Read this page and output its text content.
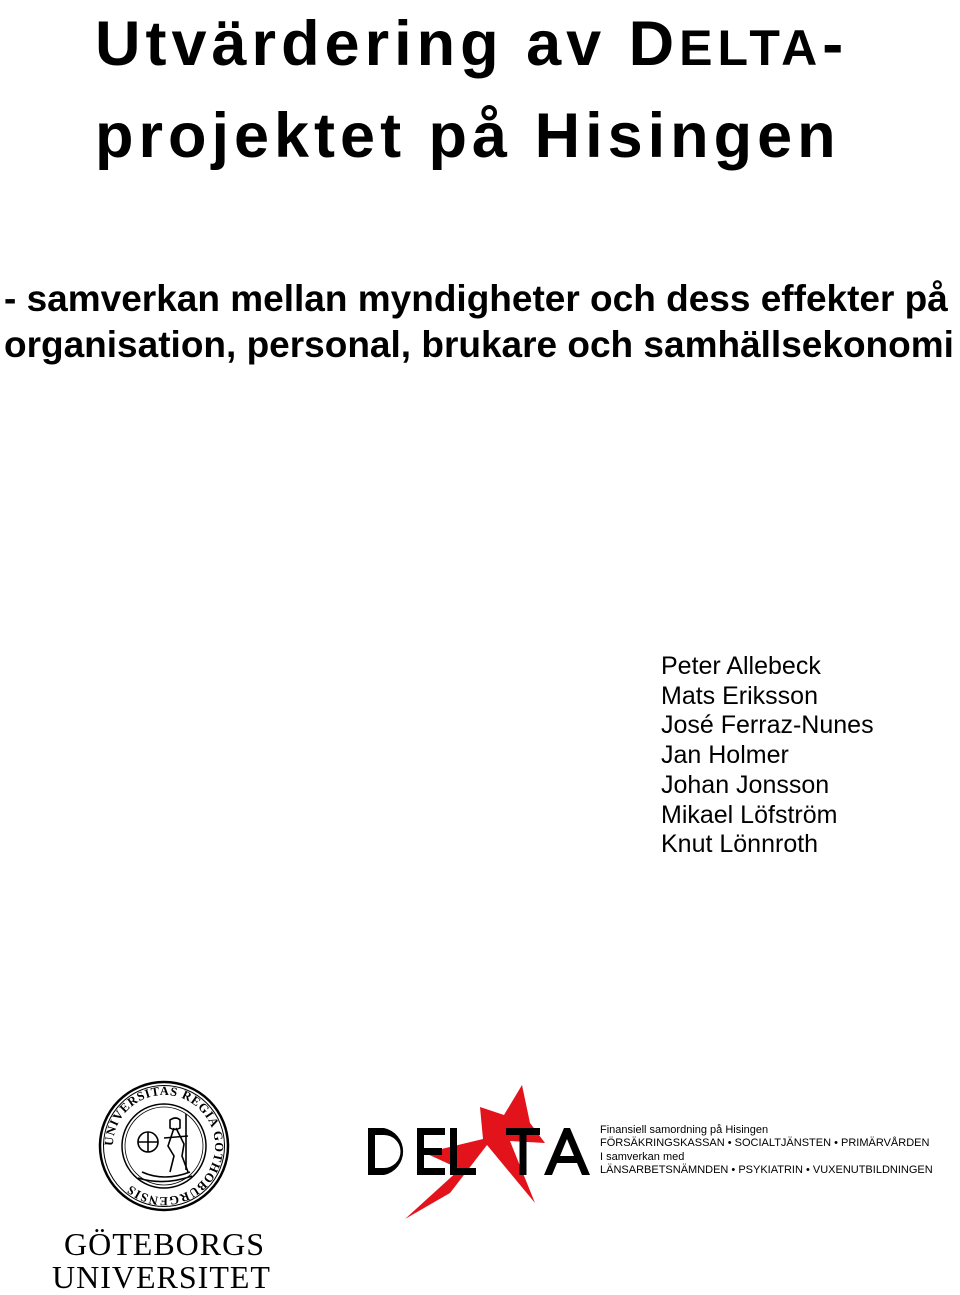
Utvärdering av DELTA-
projektet på Hisingen
- samverkan mellan myndigheter och dess effekter på
organisation, personal, brukare och samhällsekonomi
Peter Allebeck
Mats Eriksson
José Ferraz-Nunes
Jan Holmer
Johan Jonsson
Mikael Löfström
Knut Lönnroth
UNIVERSITAS REGIA GOTHOBURGENSIS
GÖTEBORGS
UNIVERSITET
Finansiell samordning på Hisingen
FÖRSÄKRINGSKASSAN • SOCIALTJÄNSTEN • PRIMÄRVÅRDEN
I samverkan med
LÄNSARBETSNÄMNDEN • PSYKIATRIN • VUXENUTBILDNINGEN
